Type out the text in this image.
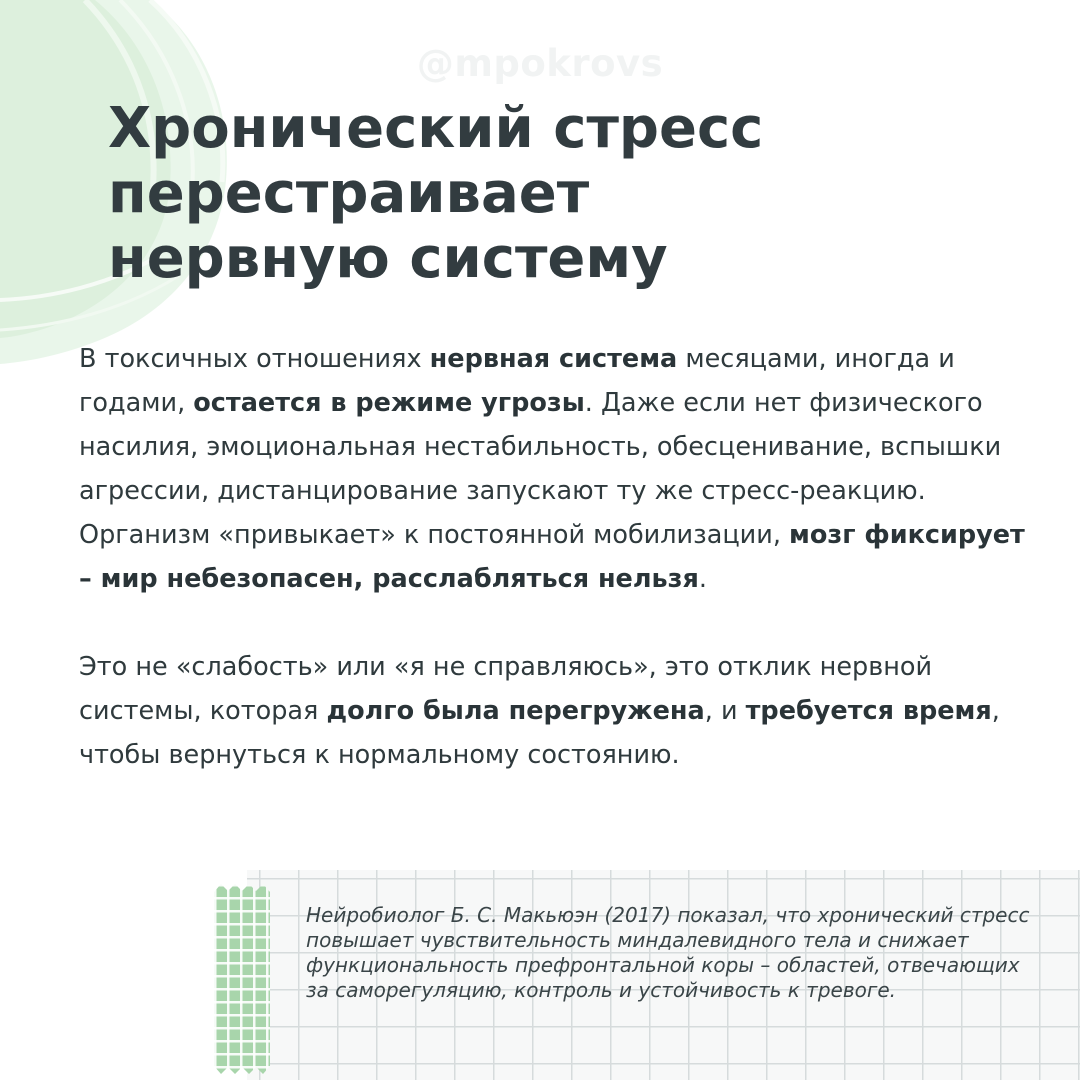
@mpokrovs
Хронический стресс
перестраивает
нервную систему

В токсичных отношениях нервная система месяцами, иногда и годами, остается в режиме угрозы. Даже если нет физического насилия, эмоциональная нестабильность, обесценивание, вспышки агрессии, дистанцирование запускают ту же стресс-реакцию. Организм «привыкает» к постоянной мобилизации, мозг фиксирует – мир небезопасен, расслабляться нельзя.

Это не «слабость» или «я не справляюсь», это отклик нервной системы, которая долго была перегружена, и требуется время, чтобы вернуться к нормальному состоянию.

Нейробиолог Б. С. Макьюэн (2017) показал, что хронический стресс повышает чувствительность миндалевидного тела и снижает функциональность префронтальной коры – областей, отвечающих за саморегуляцию, контроль и устойчивость к тревоге.
